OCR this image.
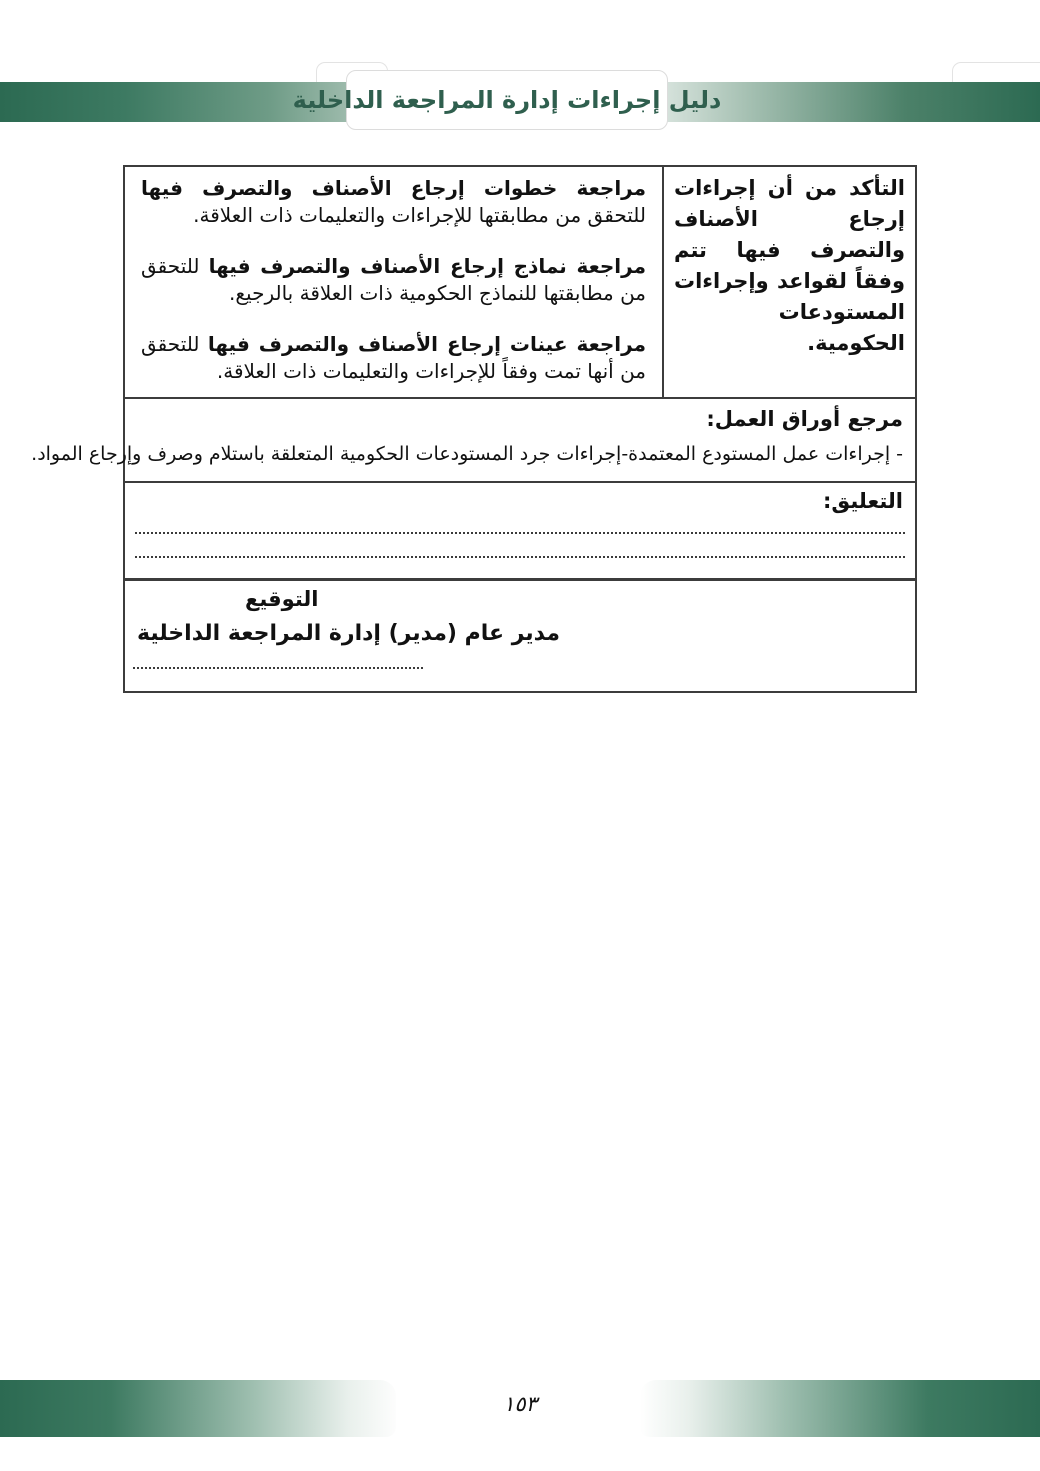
دليل إجراءات إدارة المراجعة الداخلية
التأكد من أن إجراءات إرجاع الأصناف والتصرف فيها تتم وفقاً لقواعد وإجراءات المستودعات الحكومية.

مراجعة خطوات إرجاع الأصناف والتصرف فيها للتحقق من مطابقتها للإجراءات والتعليمات ذات العلاقة.

مراجعة نماذج إرجاع الأصناف والتصرف فيها للتحقق من مطابقتها للنماذج الحكومية ذات العلاقة بالرجيع.

مراجعة عينات إرجاع الأصناف والتصرف فيها للتحقق من أنها تمت وفقاً للإجراءات والتعليمات ذات العلاقة.

مرجع أوراق العمل:
- إجراءات عمل المستودع المعتمدة-إجراءات جرد المستودعات الحكومية المتعلقة باستلام وصرف وإرجاع المواد.
التعليق:
التوقيع
مدير عام (مدير) إدارة المراجعة الداخلية
١٥٣
